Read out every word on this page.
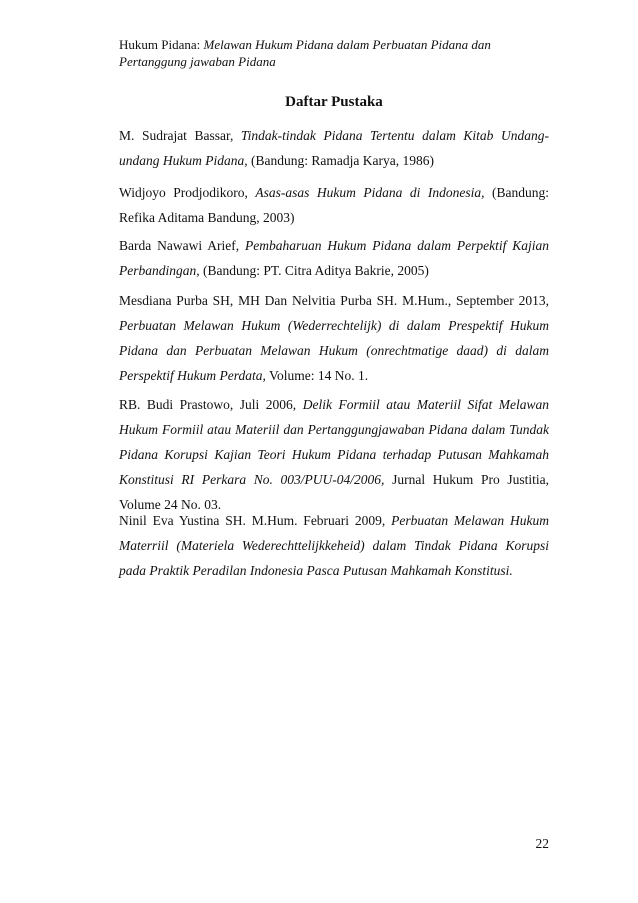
Hukum Pidana: Melawan Hukum Pidana dalam Perbuatan Pidana dan Pertanggung jawaban Pidana
Daftar Pustaka
M. Sudrajat Bassar, Tindak-tindak Pidana Tertentu dalam Kitab Undang-undang Hukum Pidana, (Bandung: Ramadja Karya, 1986)
Widjoyo Prodjodikoro, Asas-asas Hukum Pidana di Indonesia, (Bandung: Refika Aditama Bandung, 2003)
Barda Nawawi Arief, Pembaharuan Hukum Pidana dalam Perpektif Kajian Perbandingan, (Bandung: PT. Citra Aditya Bakrie, 2005)
Mesdiana Purba SH, MH Dan Nelvitia Purba SH. M.Hum., September 2013, Perbuatan Melawan Hukum (Wederrechtelijk) di dalam Prespektif Hukum Pidana dan Perbuatan Melawan Hukum (onrechtmatige daad) di dalam Perspektif Hukum Perdata, Volume: 14 No. 1.
RB. Budi Prastowo, Juli 2006, Delik Formiil atau Materiil Sifat Melawan Hukum Formiil atau Materiil dan Pertanggungjawaban Pidana dalam Tundak Pidana Korupsi Kajian Teori Hukum Pidana terhadap Putusan Mahkamah Konstitusi RI Perkara No. 003/PUU-04/2006, Jurnal Hukum Pro Justitia, Volume 24 No. 03.
Ninil Eva Yustina SH. M.Hum. Februari 2009, Perbuatan Melawan Hukum Materriil (Materiela Wederechttelijkkeheid) dalam Tindak Pidana Korupsi pada Praktik Peradilan Indonesia Pasca Putusan Mahkamah Konstitusi.
22
